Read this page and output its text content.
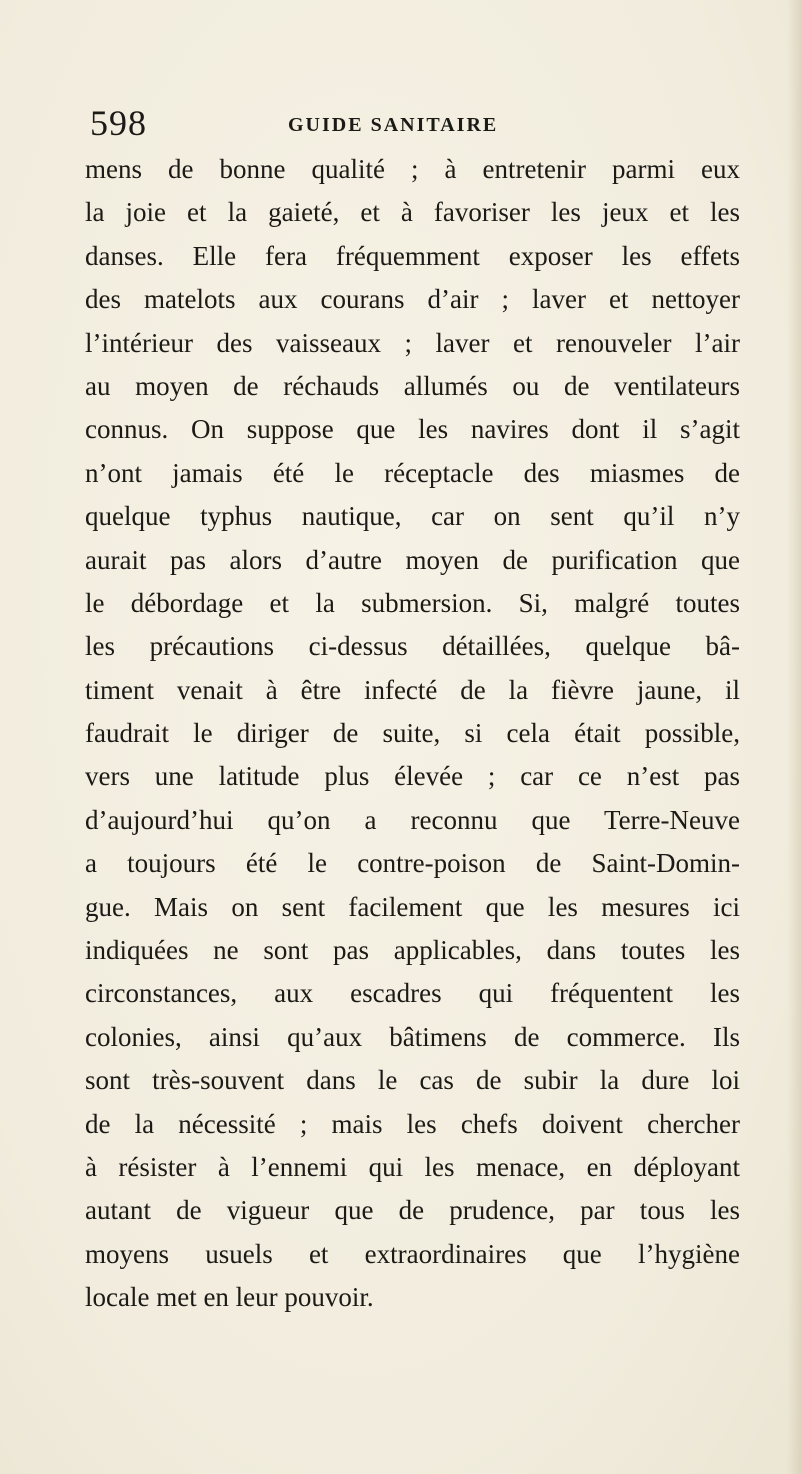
598	GUIDE SANITAIRE
mens de bonne qualité ; à entretenir parmi eux
la joie et la gaieté, et à favoriser les jeux et les
danses. Elle fera fréquemment exposer les effets
des matelots aux courans d’air ; laver et nettoyer
l’intérieur des vaisseaux ; laver et renouveler l’air
au moyen de réchauds allumés ou de ventilateurs
connus. On suppose que les navires dont il s’agit
n’ont jamais été le réceptacle des miasmes de
quelque typhus nautique, car on sent qu’il n’y
aurait pas alors d’autre moyen de purification que
le débordage et la submersion. Si, malgré toutes
les précautions ci-dessus détaillées, quelque bâ-
timent venait à être infecté de la fièvre jaune, il
faudrait le diriger de suite, si cela était possible,
vers une latitude plus élevée ; car ce n’est pas
d’aujourd’hui qu’on a reconnu que Terre-Neuve
a toujours été le contre-poison de Saint-Domin-
gue. Mais on sent facilement que les mesures ici
indiquées ne sont pas applicables, dans toutes les
circonstances, aux escadres qui fréquentent les
colonies, ainsi qu’aux bâtimens de commerce. Ils
sont très-souvent dans le cas de subir la dure loi
de la nécessité ; mais les chefs doivent chercher
à résister à l’ennemi qui les menace, en déployant
autant de vigueur que de prudence, par tous les
moyens usuels et extraordinaires que l’hygiène
locale met en leur pouvoir.
